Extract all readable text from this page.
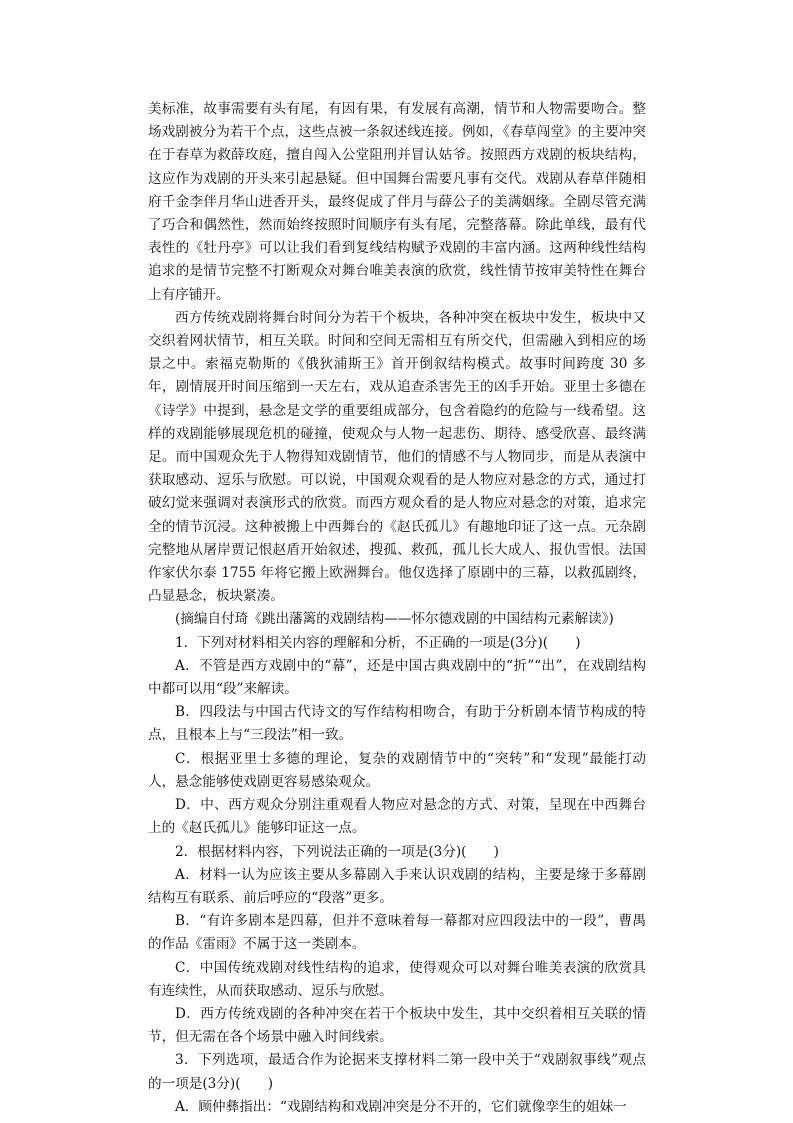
美标准，故事需要有头有尾，有因有果，有发展有高潮，情节和人物需要吻合。整场戏剧被分为若干个点，这些点被一条叙述线连接。例如，《春草闯堂》的主要冲突在于春草为救薛玫庭，擅自闯入公堂阻刑并冒认姑爷。按照西方戏剧的板块结构，这应作为戏剧的开头来引起悬疑。但中国舞台需要凡事有交代。戏剧从春草伴随相府千金李伴月华山进香开头，最终促成了伴月与薛公子的美满姻缘。全剧尽管充满了巧合和偶然性，然而始终按照时间顺序有头有尾，完整落幕。除此单线，最有代表性的《牡丹亭》可以让我们看到复线结构赋予戏剧的丰富内涵。这两种线性结构追求的是情节完整不打断观众对舞台唯美表演的欣赏，线性情节按审美特性在舞台上有序铺开。

西方传统戏剧将舞台时间分为若干个板块，各种冲突在板块中发生，板块中又交织着网状情节，相互关联。时间和空间无需相互有所交代，但需融入到相应的场景之中。索福克勒斯的《俄狄浦斯王》首开倒叙结构模式。故事时间跨度 30 多年，剧情展开时间压缩到一天左右，戏从追查杀害先王的凶手开始。亚里士多德在《诗学》中提到，悬念是文学的重要组成部分，包含着隐约的危险与一线希望。这样的戏剧能够展现危机的碰撞，使观众与人物一起悲伤、期待、感受欣喜、最终满足。而中国观众先于人物得知戏剧情节，他们的情感不与人物同步，而是从表演中获取感动、逗乐与欣慰。可以说，中国观众观看的是人物应对悬念的方式，通过打破幻觉来强调对表演形式的欣赏。而西方观众看的是人物应对悬念的对策，追求完全的情节沉浸。这种被搬上中西舞台的《赵氏孤儿》有趣地印证了这一点。元杂剧完整地从屠岸贾记恨赵盾开始叙述，搜孤、救孤，孤儿长大成人、报仇雪恨。法国作家伏尔泰 1755 年将它搬上欧洲舞台。他仅选择了原剧中的三幕，以救孤剧终，凸显悬念，板块紧凑。

(摘编自付琦《跳出藩篱的戏剧结构——怀尔德戏剧的中国结构元素解读》)

1．下列对材料相关内容的理解和分析，不正确的一项是(3分)(　　)

A．不管是西方戏剧中的“幕”，还是中国古典戏剧中的“折”“出”，在戏剧结构中都可以用“段”来解读。

B．四段法与中国古代诗文的写作结构相吻合，有助于分析剧本情节构成的特点，且根本上与“三段法”相一致。

C．根据亚里士多德的理论，复杂的戏剧情节中的“突转”和“发现”最能打动人，悬念能够使戏剧更容易感染观众。

D．中、西方观众分别注重观看人物应对悬念的方式、对策，呈现在中西舞台上的《赵氏孤儿》能够印证这一点。

2．根据材料内容，下列说法正确的一项是(3分)(　　)

A．材料一认为应该主要从多幕剧入手来认识戏剧的结构，主要是缘于多幕剧结构互有联系、前后呼应的“段落”更多。

B．“有许多剧本是四幕，但并不意味着每一幕都对应四段法中的一段”，曹禺的作品《雷雨》不属于这一类剧本。

C．中国传统戏剧对线性结构的追求，使得观众可以对舞台唯美表演的欣赏具有连续性，从而获取感动、逗乐与欣慰。

D．西方传统戏剧的各种冲突在若干个板块中发生，其中交织着相互关联的情节，但无需在各个场景中融入时间线索。

3．下列选项，最适合作为论据来支撑材料二第一段中关于“戏剧叙事线”观点的一项是(3分)(　　)

A．顾仲彝指出：“戏剧结构和戏剧冲突是分不开的，它们就像孪生的姐妹一
